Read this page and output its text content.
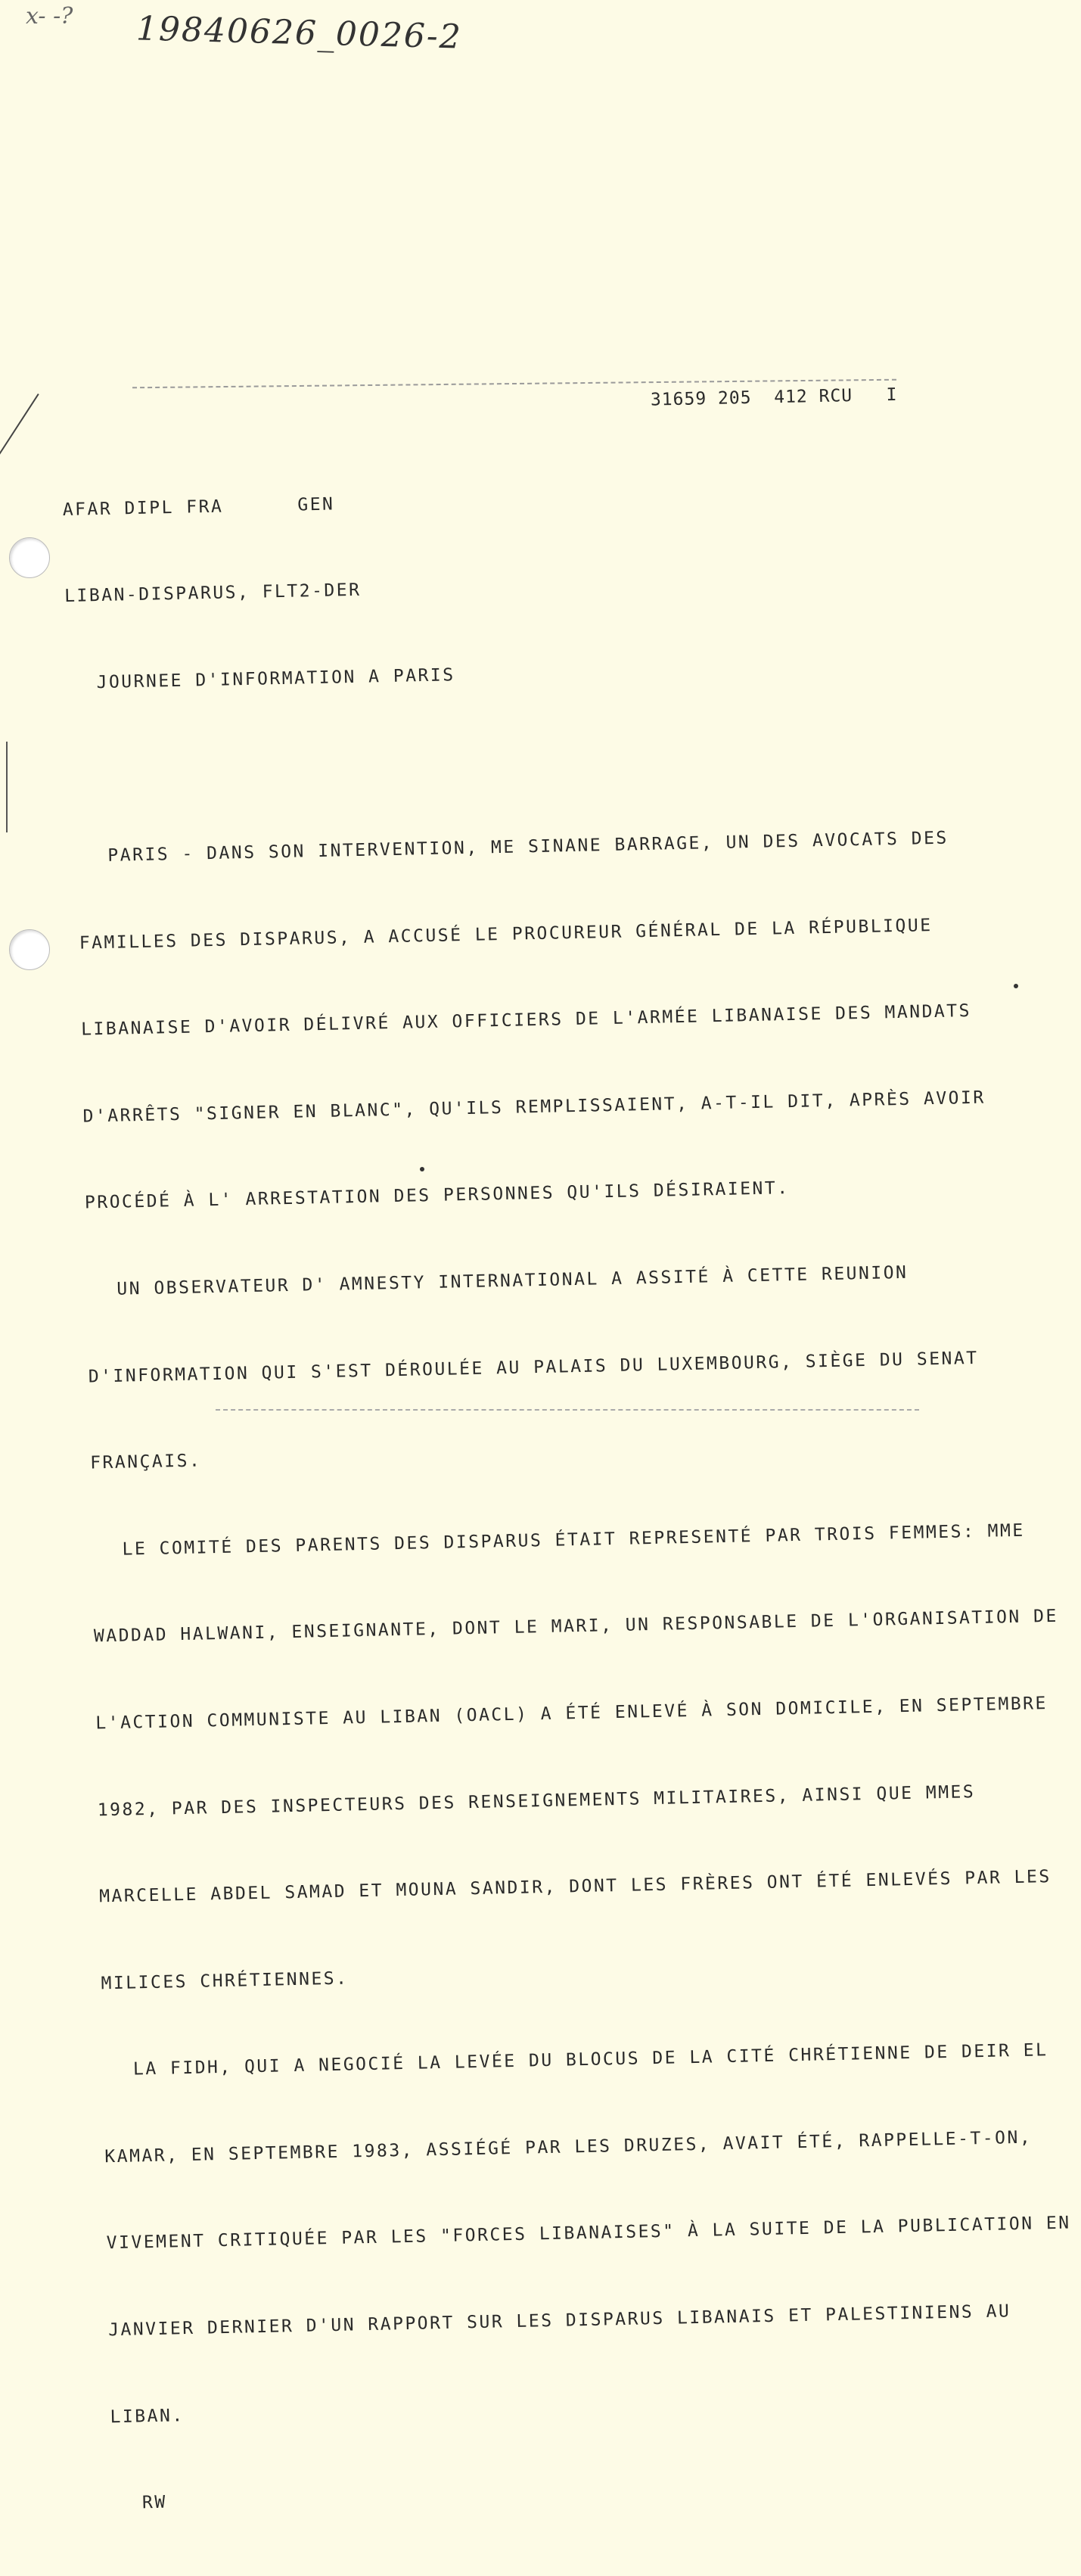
x- -? 19840626_0026-2

31659 205  412 RCU   I

AFAR DIPL FRA      GEN

LIBAN-DISPARUS, FLT2-DER

JOURNEE D'INFORMATION A PARIS

PARIS - DANS SON INTERVENTION, ME SINANE BARRAGE, UN DES AVOCATS DES

FAMILLES DES DISPARUS, A ACCUSÉ LE PROCUREUR GÉNÉRAL DE LA RÉPUBLIQUE

LIBANAISE D'AVOIR DÉLIVRÉ AUX OFFICIERS DE L'ARMÉE LIBANAISE DES MANDATS

D'ARRÊTS "SIGNER EN BLANC", QU'ILS REMPLISSAIENT, A-T-IL DIT, APRÈS AVOIR

PROCÉDÉ À L' ARRESTATION DES PERSONNES QU'ILS DÉSIRAIENT.

UN OBSERVATEUR D' AMNESTY INTERNATIONAL A ASSITÉ À CETTE REUNION

D'INFORMATION QUI S'EST DÉROULÉE AU PALAIS DU LUXEMBOURG, SIÈGE DU SENAT

FRANÇAIS.

LE COMITÉ DES PARENTS DES DISPARUS ÉTAIT REPRESENTÉ PAR TROIS FEMMES: MME

WADDAD HALWANI, ENSEIGNANTE, DONT LE MARI, UN RESPONSABLE DE L'ORGANISATION DE

L'ACTION COMMUNISTE AU LIBAN (OACL) A ÉTÉ ENLEVÉ À SON DOMICILE, EN SEPTEMBRE

1982, PAR DES INSPECTEURS DES RENSEIGNEMENTS MILITAIRES, AINSI QUE MMES

MARCELLE ABDEL SAMAD ET MOUNA SANDIR, DONT LES FRÈRES ONT ÉTÉ ENLEVÉS PAR LES

MILICES CHRÉTIENNES.

LA FIDH, QUI A NEGOCIÉ LA LEVÉE DU BLOCUS DE LA CITÉ CHRÉTIENNE DE DEIR EL

KAMAR, EN SEPTEMBRE 1983, ASSIÉGÉ PAR LES DRUZES, AVAIT ÉTÉ, RAPPELLE-T-ON,

VIVEMENT CRITIQUÉE PAR LES "FORCES LIBANAISES" À LA SUITE DE LA PUBLICATION EN

JANVIER DERNIER D'UN RAPPORT SUR LES DISPARUS LIBANAIS ET PALESTINIENS AU

LIBAN.

RW
